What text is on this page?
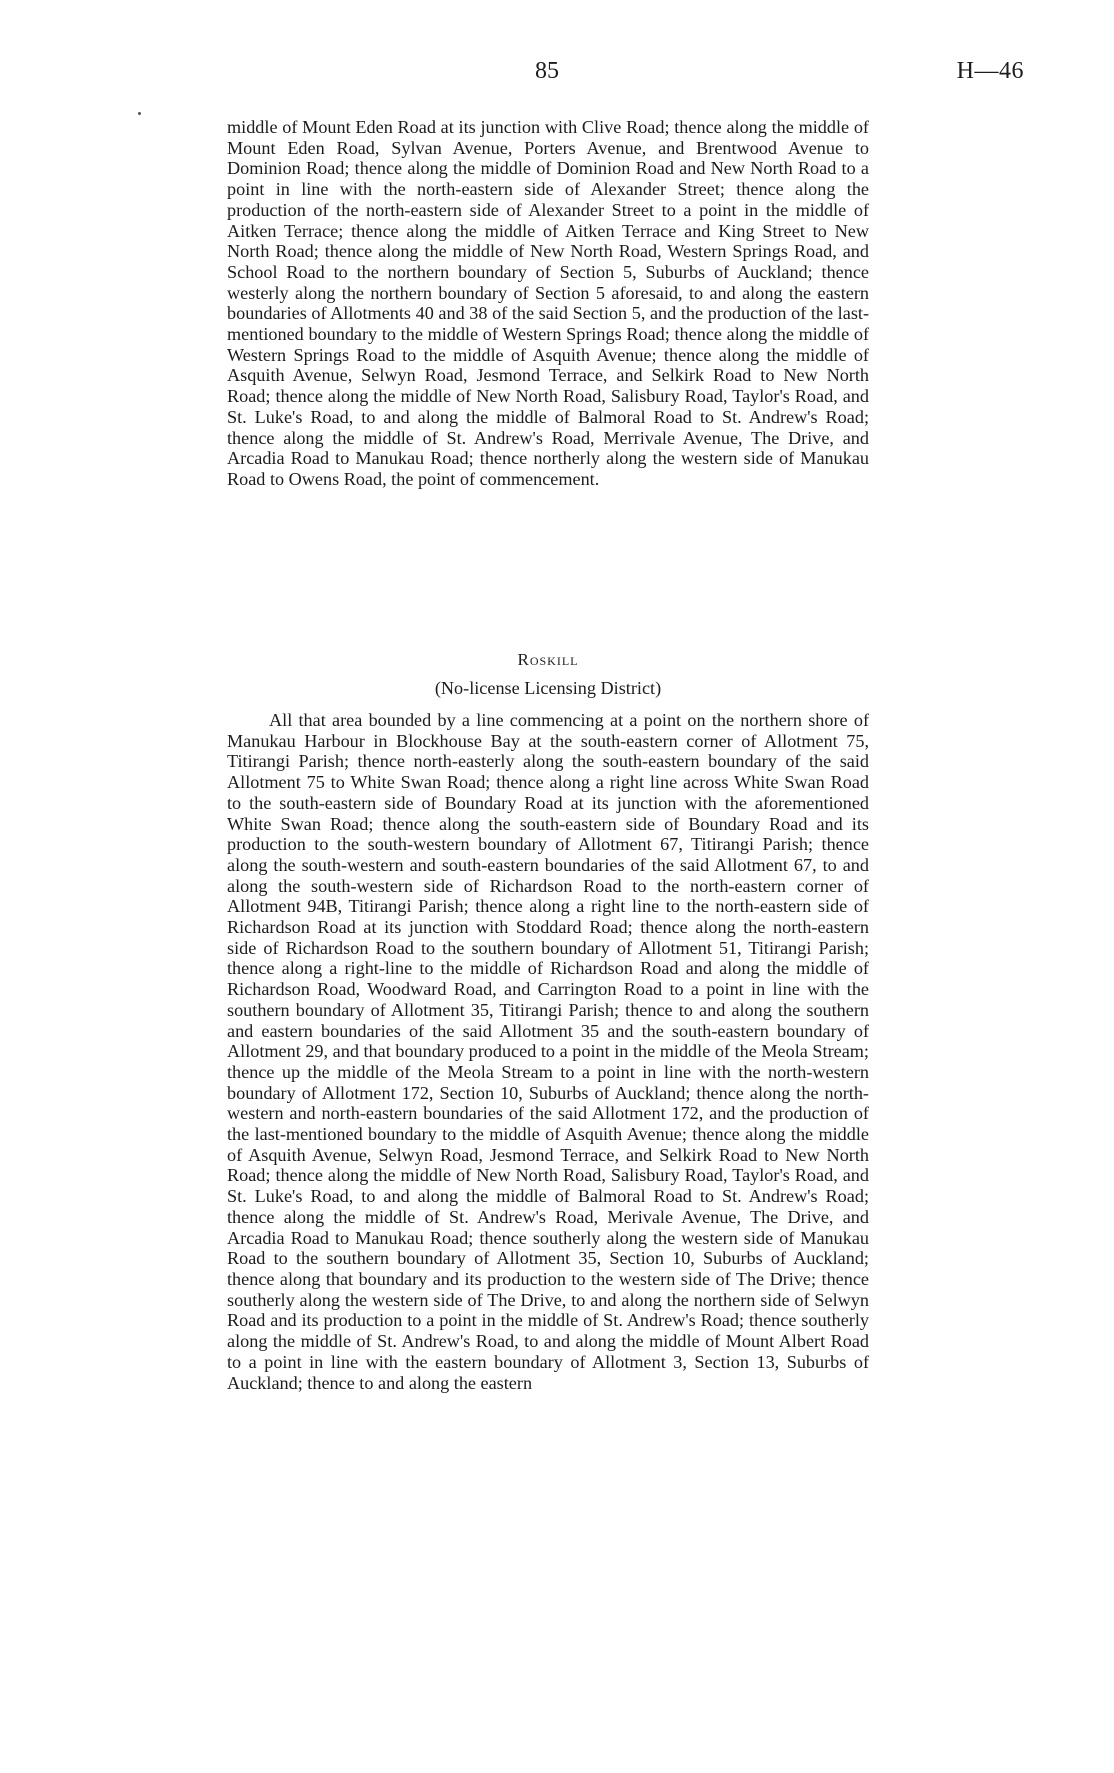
85	H—46

middle of Mount Eden Road at its junction with Clive Road; thence along the middle of Mount Eden Road, Sylvan Avenue, Porters Avenue, and Brentwood Avenue to Dominion Road; thence along the middle of Dominion Road and New North Road to a point in line with the north-eastern side of Alexander Street; thence along the production of the north-eastern side of Alexander Street to a point in the middle of Aitken Terrace; thence along the middle of Aitken Terrace and King Street to New North Road; thence along the middle of New North Road, Western Springs Road, and School Road to the northern boundary of Section 5, Suburbs of Auckland; thence westerly along the northern boundary of Section 5 aforesaid, to and along the eastern boundaries of Allotments 40 and 38 of the said Section 5, and the production of the last-mentioned boundary to the middle of Western Springs Road; thence along the middle of Western Springs Road to the middle of Asquith Avenue; thence along the middle of Asquith Avenue, Selwyn Road, Jesmond Terrace, and Selkirk Road to New North Road; thence along the middle of New North Road, Salisbury Road, Taylor's Road, and St. Luke's Road, to and along the middle of Balmoral Road to St. Andrew's Road; thence along the middle of St. Andrew's Road, Merrivale Avenue, The Drive, and Arcadia Road to Manukau Road; thence northerly along the western side of Manukau Road to Owens Road, the point of commencement.

Roskill
(No-license Licensing District)

All that area bounded by a line commencing at a point on the northern shore of Manukau Harbour in Blockhouse Bay at the south-eastern corner of Allotment 75, Titirangi Parish; thence north-easterly along the south-eastern boundary of the said Allotment 75 to White Swan Road; thence along a right line across White Swan Road to the south-eastern side of Boundary Road at its junction with the aforementioned White Swan Road; thence along the south-eastern side of Boundary Road and its production to the south-western boundary of Allotment 67, Titirangi Parish; thence along the south-western and south-eastern boundaries of the said Allotment 67, to and along the south-western side of Richardson Road to the north-eastern corner of Allotment 94B, Titirangi Parish; thence along a right line to the north-eastern side of Richardson Road at its junction with Stoddard Road; thence along the north-eastern side of Richardson Road to the southern boundary of Allotment 51, Titirangi Parish; thence along a right-line to the middle of Richardson Road and along the middle of Richardson Road, Woodward Road, and Carrington Road to a point in line with the southern boundary of Allotment 35, Titirangi Parish; thence to and along the southern and eastern boundaries of the said Allotment 35 and the south-eastern boundary of Allotment 29, and that boundary produced to a point in the middle of the Meola Stream; thence up the middle of the Meola Stream to a point in line with the north-western boundary of Allotment 172, Section 10, Suburbs of Auckland; thence along the north-western and north-eastern boundaries of the said Allotment 172, and the production of the last-mentioned boundary to the middle of Asquith Avenue; thence along the middle of Asquith Avenue, Selwyn Road, Jesmond Terrace, and Selkirk Road to New North Road; thence along the middle of New North Road, Salisbury Road, Taylor's Road, and St. Luke's Road, to and along the middle of Balmoral Road to St. Andrew's Road; thence along the middle of St. Andrew's Road, Merivale Avenue, The Drive, and Arcadia Road to Manukau Road; thence southerly along the western side of Manukau Road to the southern boundary of Allotment 35, Section 10, Suburbs of Auckland; thence along that boundary and its production to the western side of The Drive; thence southerly along the western side of The Drive, to and along the northern side of Selwyn Road and its production to a point in the middle of St. Andrew's Road; thence southerly along the middle of St. Andrew's Road, to and along the middle of Mount Albert Road to a point in line with the eastern boundary of Allotment 3, Section 13, Suburbs of Auckland; thence to and along the eastern
